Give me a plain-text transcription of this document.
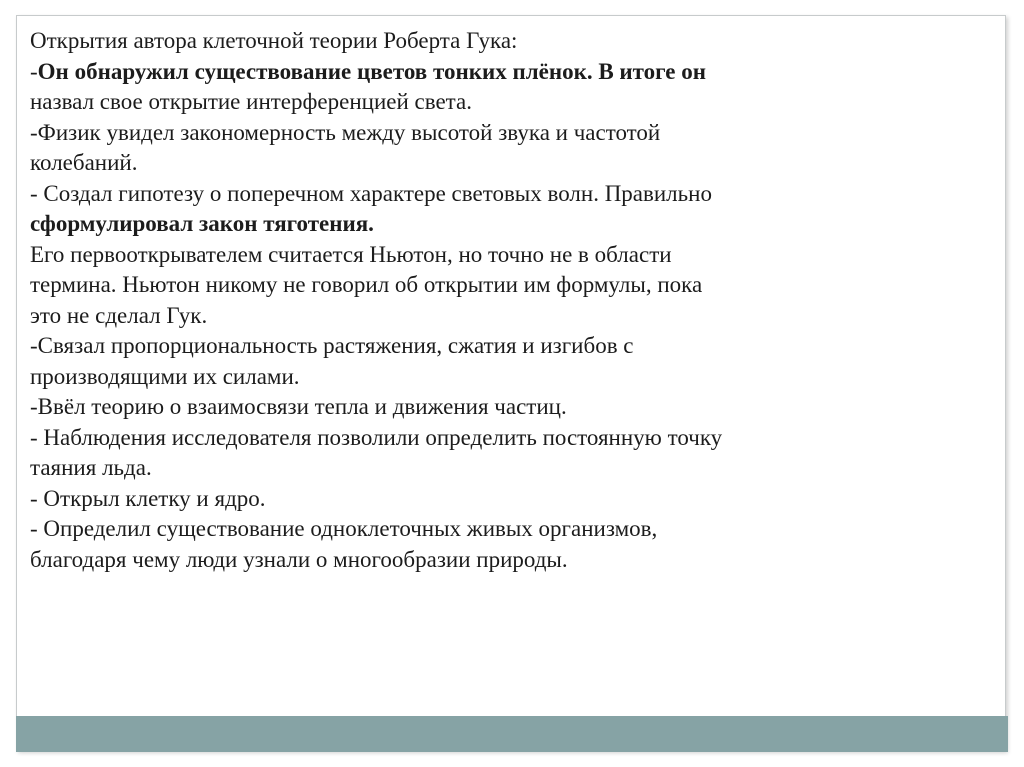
Открытия автора клеточной теории Роберта Гука:
-Он обнаружил существование цветов тонких плёнок. В итоге он
назвал свое открытие интерференцией света.
-Физик увидел закономерность между высотой звука и частотой
колебаний.
- Создал гипотезу о поперечном характере световых волн. Правильно
сформулировал закон тяготения.
Его первооткрывателем считается Ньютон, но точно не в области
термина. Ньютон никому не говорил об открытии им формулы, пока
это не сделал Гук.
-Связал пропорциональность растяжения, сжатия и изгибов с
производящими их силами.
-Ввёл теорию о взаимосвязи тепла и движения частиц.
- Наблюдения исследователя позволили определить постоянную точку
таяния льда.
- Открыл клетку и ядро.
- Определил существование одноклеточных живых организмов,
благодаря чему люди узнали о многообразии природы.
